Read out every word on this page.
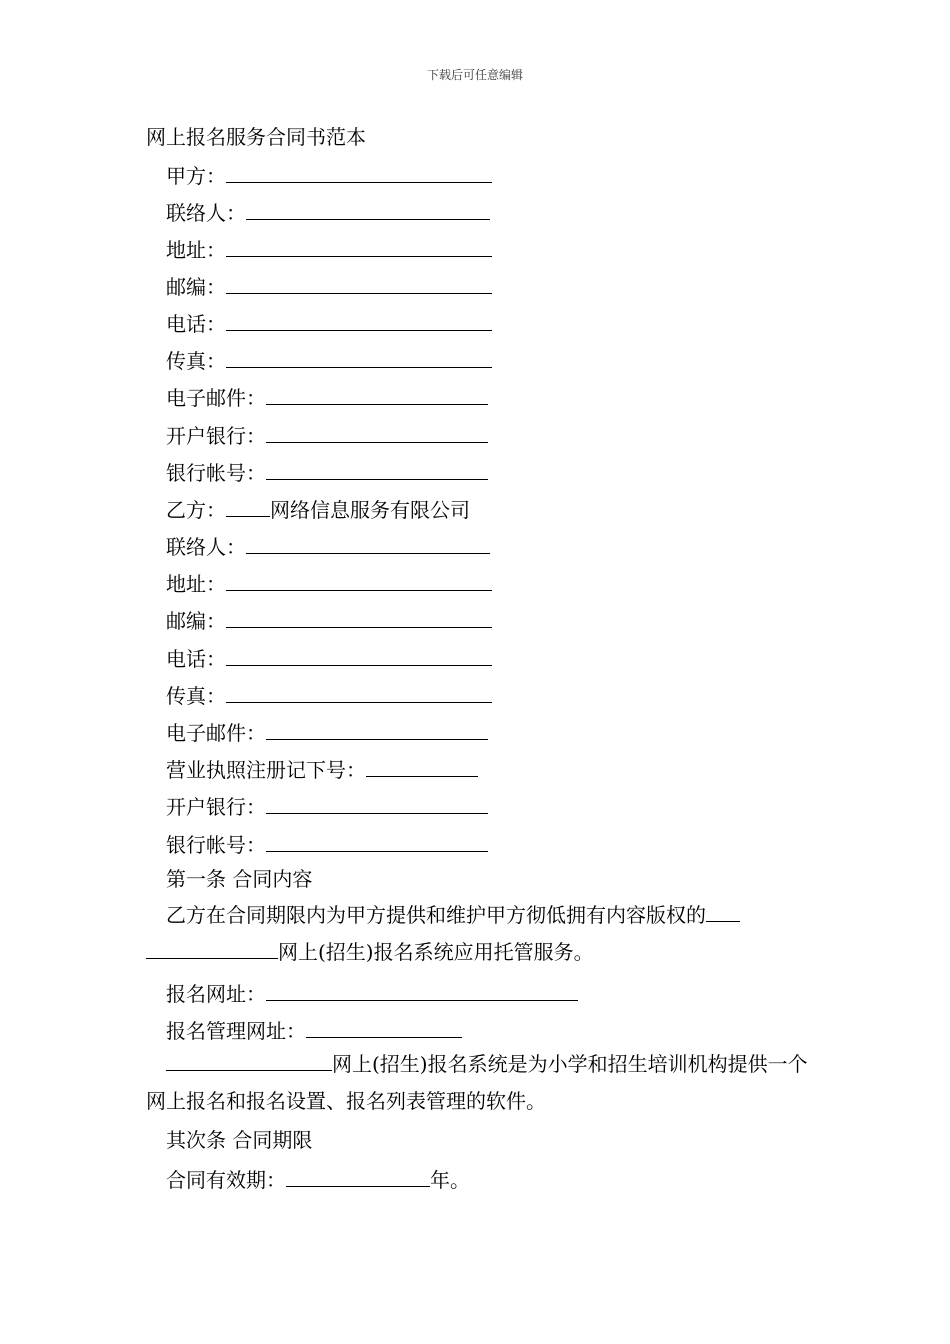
下载后可任意编辑
网上报名服务合同书范本
甲方：
联络人：
地址：
邮编：
电话：
传真：
电子邮件：
开户银行：
银行帐号：
乙方： 网络信息服务有限公司
联络人：
地址：
邮编：
电话：
传真：
电子邮件：
营业执照注册记下号：
开户银行：
银行帐号：
第一条 合同内容
乙方在合同期限内为甲方提供和维护甲方彻低拥有内容版权的
网上(招生)报名系统应用托管服务。
报名网址：
报名管理网址：
网上(招生)报名系统是为小学和招生培训机构提供一个网上报名和报名设置、报名列表管理的软件。
其次条 合同期限
合同有效期：	年。
